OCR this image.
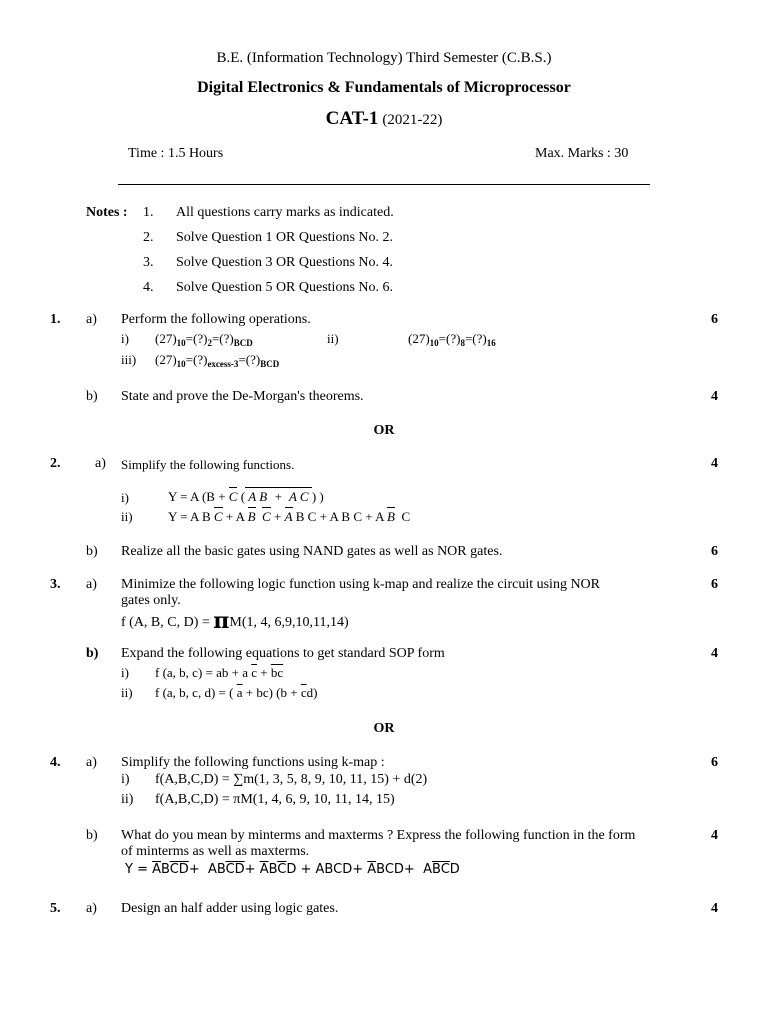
B.E. (Information Technology) Third Semester (C.B.S.)
Digital Electronics & Fundamentals of Microprocessor
CAT-1 (2021-22)
Time : 1.5 Hours	Max. Marks : 30
Notes : 1. All questions carry marks as indicated.
2. Solve Question 1 OR Questions No. 2.
3. Solve Question 3 OR Questions No. 4.
4. Solve Question 5 OR Questions No. 6.
1. a) Perform the following operations.	6
i) $(27)_{10}=(?)_2=(?)_{BCD}$	ii)	$(27)_{10}=(?)_8=(?)_{16}$
iii) $(27)_{10}=(?)_{excess-3}=(?)_{BCD}$
b) State and prove the De-Morgan's theorems.	4
OR
2. a) Simplify the following functions.	4
i)	Y = A (B + C ( A B  +  A C ) )
ii)	Y = A B C + A B C + A B C + A B C + A B  C
b) Realize all the basic gates using NAND gates as well as NOR gates.	6
3. a) Minimize the following logic function using k-map and realize the circuit using NOR
gates only.
6
f (A, B, C, D) = πM(1, 4, 6,9,10,11,14)
b) Expand the following equations to get standard SOP form	4
i) f (a, b, c) = ab + a $\overline{c} + \overline{bc}$
ii) f (a, b, c, d) = ( $\overline{a} + bc$) $(b + \overline{c}d)$
OR
4. a) Simplify the following functions using k-map :	6
i) f(A,B,C,D) = ∑m(1, 3, 5, 8, 9, 10, 11, 15) + d(2)
ii) f(A,B,C,D) = πM(1, 4, 6, 9, 10, 11, 14, 15)
b) What do you mean by minterms and maxterms ? Express the following function in the form
of minterms as well as maxterms.
4
$Y = \overline{A}B\overline{C}\overline{D}+ AB\overline{C}\overline{D}+ \overline{A}B\overline{C}D$ + ABCD+ $\overline{A}BCD+ A\overline{B}\overline{C}D$
5. a) Design an half adder using logic gates.	4
